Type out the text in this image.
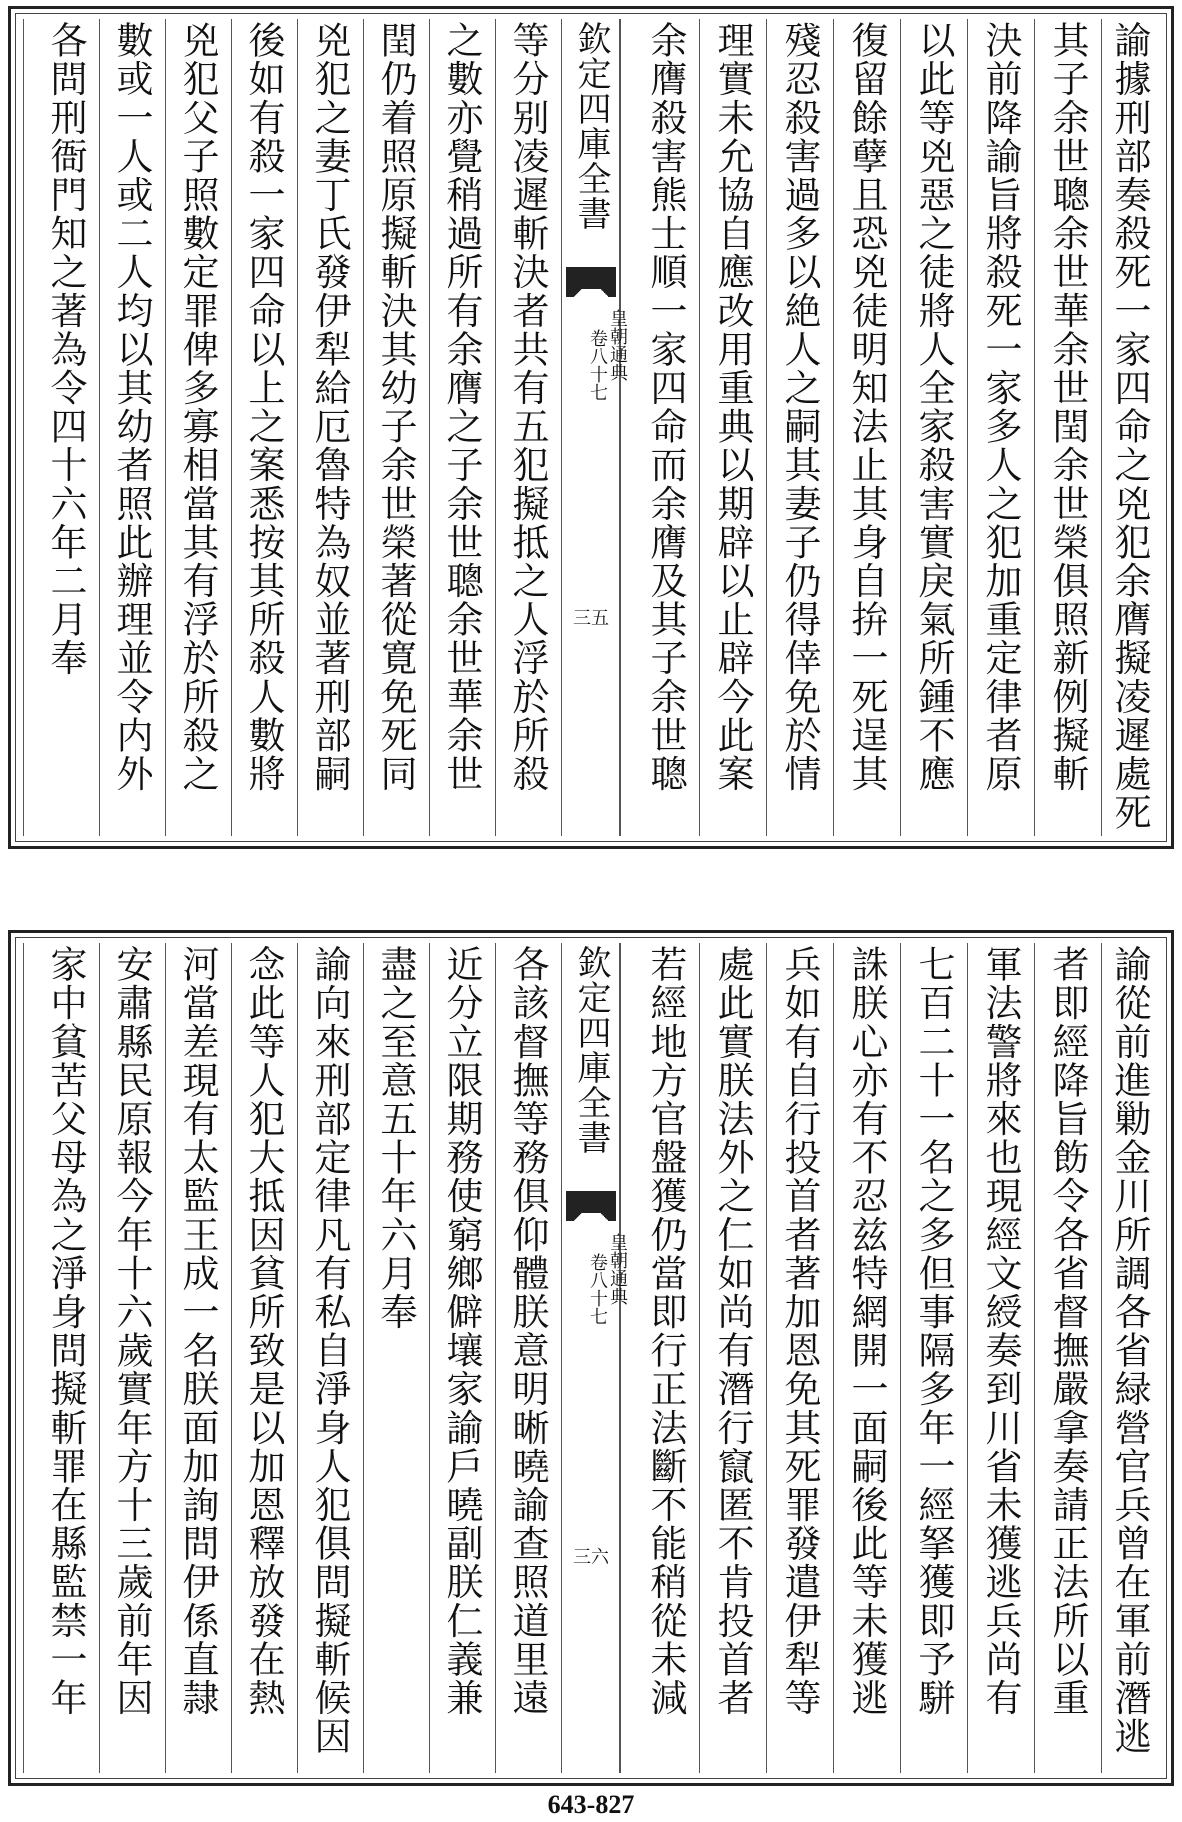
諭據刑部奏殺死一家四命之兇犯余膺擬凌遲處死
其子余世聰余世華余世閏余世榮俱照新例擬斬
決前降諭旨將殺死一家多人之犯加重定律者原
以此等兇惡之徒將人全家殺害實戾氣所鍾不應
復留餘孽且恐兇徒明知法止其身自拚一死逞其
殘忍殺害過多以絶人之嗣其妻子仍得倖免於情
理實未允協自應改用重典以期辟以止辟今此案
余膺殺害熊士順一家四命而余膺及其子余世聰
欽定四庫全書
皇朝通典
卷八十七
三五
等分别凌遲斬決者共有五犯擬抵之人浮於所殺
之數亦覺稍過所有余膺之子余世聰余世華余世
閏仍着照原擬斬決其幼子余世榮著從寛免死同
兇犯之妻丁氏發伊犁給厄魯特為奴並著刑部嗣
後如有殺一家四命以上之案悉按其所殺人數將
兇犯父子照數定罪俾多寡相當其有浮於所殺之
數或一人或二人均以其幼者照此辦理並令内外
各問刑衙門知之著為令四十六年二月奉
諭從前進勦金川所調各省緑營官兵曾在軍前潛逃
者即經降旨飭令各省督撫嚴拿奏請正法所以重
軍法警將來也現經文綬奏到川省未獲逃兵尚有
七百二十一名之多但事隔多年一經拏獲即予駢
誅朕心亦有不忍兹特網開一面嗣後此等未獲逃
兵如有自行投首者著加恩免其死罪發遣伊犁等
處此實朕法外之仁如尚有潛行竄匿不肯投首者
若經地方官盤獲仍當即行正法斷不能稍從未減
欽定四庫全書
皇朝通典
卷八十七
三六
各該督撫等務俱仰體朕意明晰曉諭查照道里遠
近分立限期務使窮鄉僻壤家諭戶曉副朕仁義兼
盡之至意五十年六月奉
諭向來刑部定律凡有私自淨身人犯俱問擬斬候因
念此等人犯大抵因貧所致是以加恩釋放發在熱
河當差現有太監王成一名朕面加詢問伊係直隷
安肅縣民原報今年十六歲實年方十三歲前年因
家中貧苦父母為之淨身問擬斬罪在縣監禁一年
643-827
